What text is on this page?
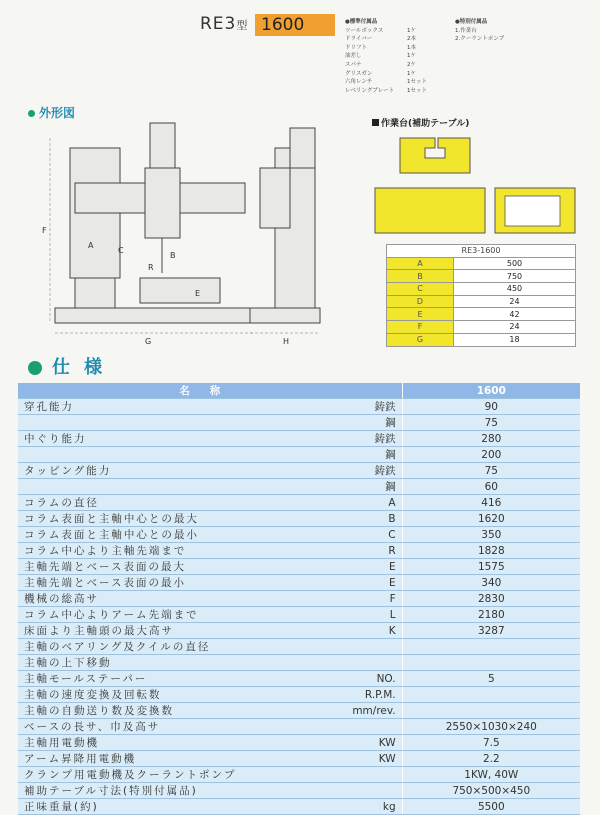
RE3型 1600	●標準付属品
ツールボックス	1ケ
ドライバー	2本
ドリフト	1本
油差し	1ケ
スパナ	2ケ
グリスガン	1ケ
六角レンチ	1セット
レベリングプレート	1セット
●特別付属品
1.作業台
2.クーラントポンプ
外形図
F
A
C
B
R
E
G	H
作業台(補助テーブル)
RE3-1600	
A	500
B	750
C	450
D	24
E	42
F	24
G	18
仕様
名称		1600
穿孔能力	鋳鉄	90
	鋼	75
中ぐり能力	鋳鉄	280
	鋼	200
タッピング能力	鋳鉄	75
	鋼	60
コラムの直径	A	416
コラム表面と主軸中心との最大	B	1620
コラム表面と主軸中心との最小	C	350
コラム中心より主軸先端まで	R	1828
主軸先端とベース表面の最大	E	1575
主軸先端とベース表面の最小	E	340
機械の総高サ	F	2830
コラム中心よりアーム先端まで	L	2180
床面より主軸頭の最大高サ	K	3287
主軸のベアリング及クイルの直径		
主軸の上下移動		
主軸モールステーパー	NO.	5
主軸の速度変換及回転数	R.P.M.	
主軸の自動送り数及変換数	mm/rev.	
ベースの長サ、巾及高サ		2550×1030×240
主軸用電動機	KW	7.5
アーム昇降用電動機	KW	2.2
クランプ用電動機及クーラントポンプ		1KW, 40W
補助テーブル寸法(特別付属品)		750×500×450
正味重量(約)	kg	5500
